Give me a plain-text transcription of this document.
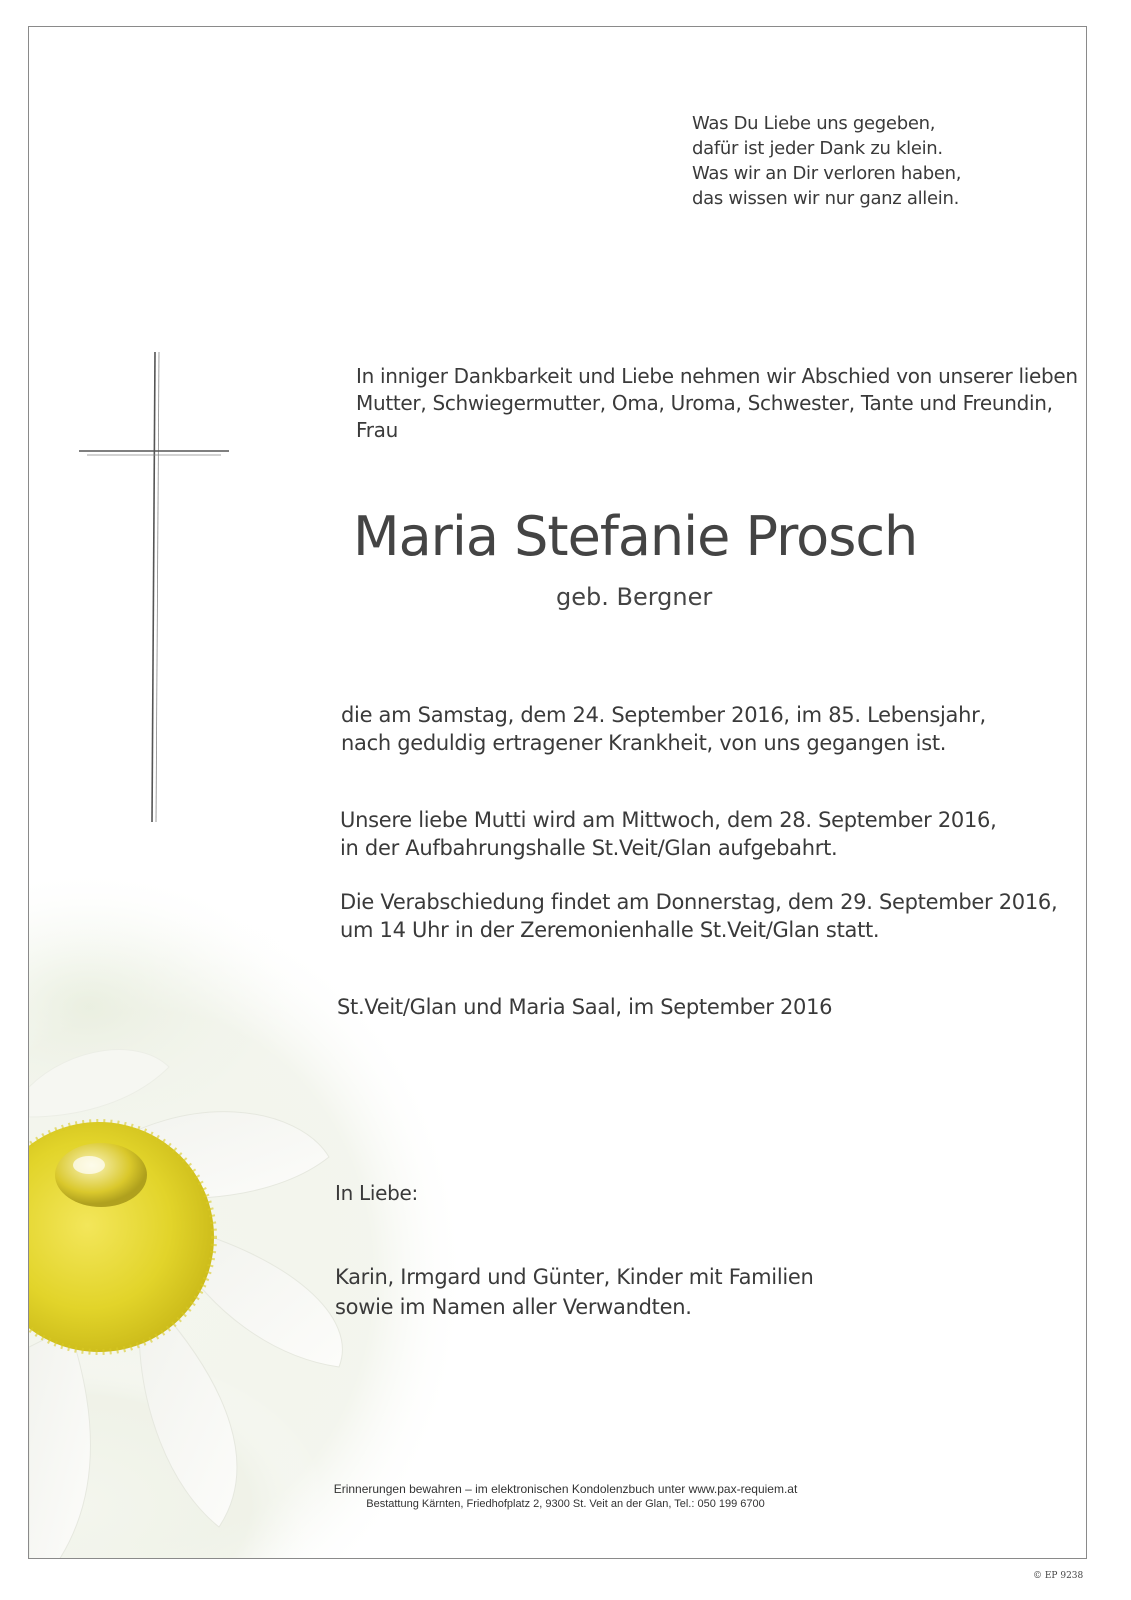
Was Du Liebe uns gegeben,
dafür ist jeder Dank zu klein.
Was wir an Dir verloren haben,
das wissen wir nur ganz allein.
In inniger Dankbarkeit und Liebe nehmen wir Abschied von unserer lieben
Mutter, Schwiegermutter, Oma, Uroma, Schwester, Tante und Freundin,
Frau
Maria Stefanie Prosch
geb. Bergner
die am Samstag, dem 24. September 2016, im 85. Lebensjahr,
nach geduldig ertragener Krankheit, von uns gegangen ist.
Unsere liebe Mutti wird am Mittwoch, dem 28. September 2016,
in der Aufbahrungshalle St.Veit/Glan aufgebahrt.
Die Verabschiedung findet am Donnerstag, dem 29. September 2016,
um 14 Uhr in der Zeremonienhalle St.Veit/Glan statt.
St.Veit/Glan und Maria Saal, im September 2016
In Liebe:
Karin, Irmgard und Günter, Kinder mit Familien
sowie im Namen aller Verwandten.
Erinnerungen bewahren – im elektronischen Kondolenzbuch unter www.pax-requiem.at
Bestattung Kärnten, Friedhofplatz 2, 9300 St. Veit an der Glan, Tel.: 050 199 6700
© EP 9238
